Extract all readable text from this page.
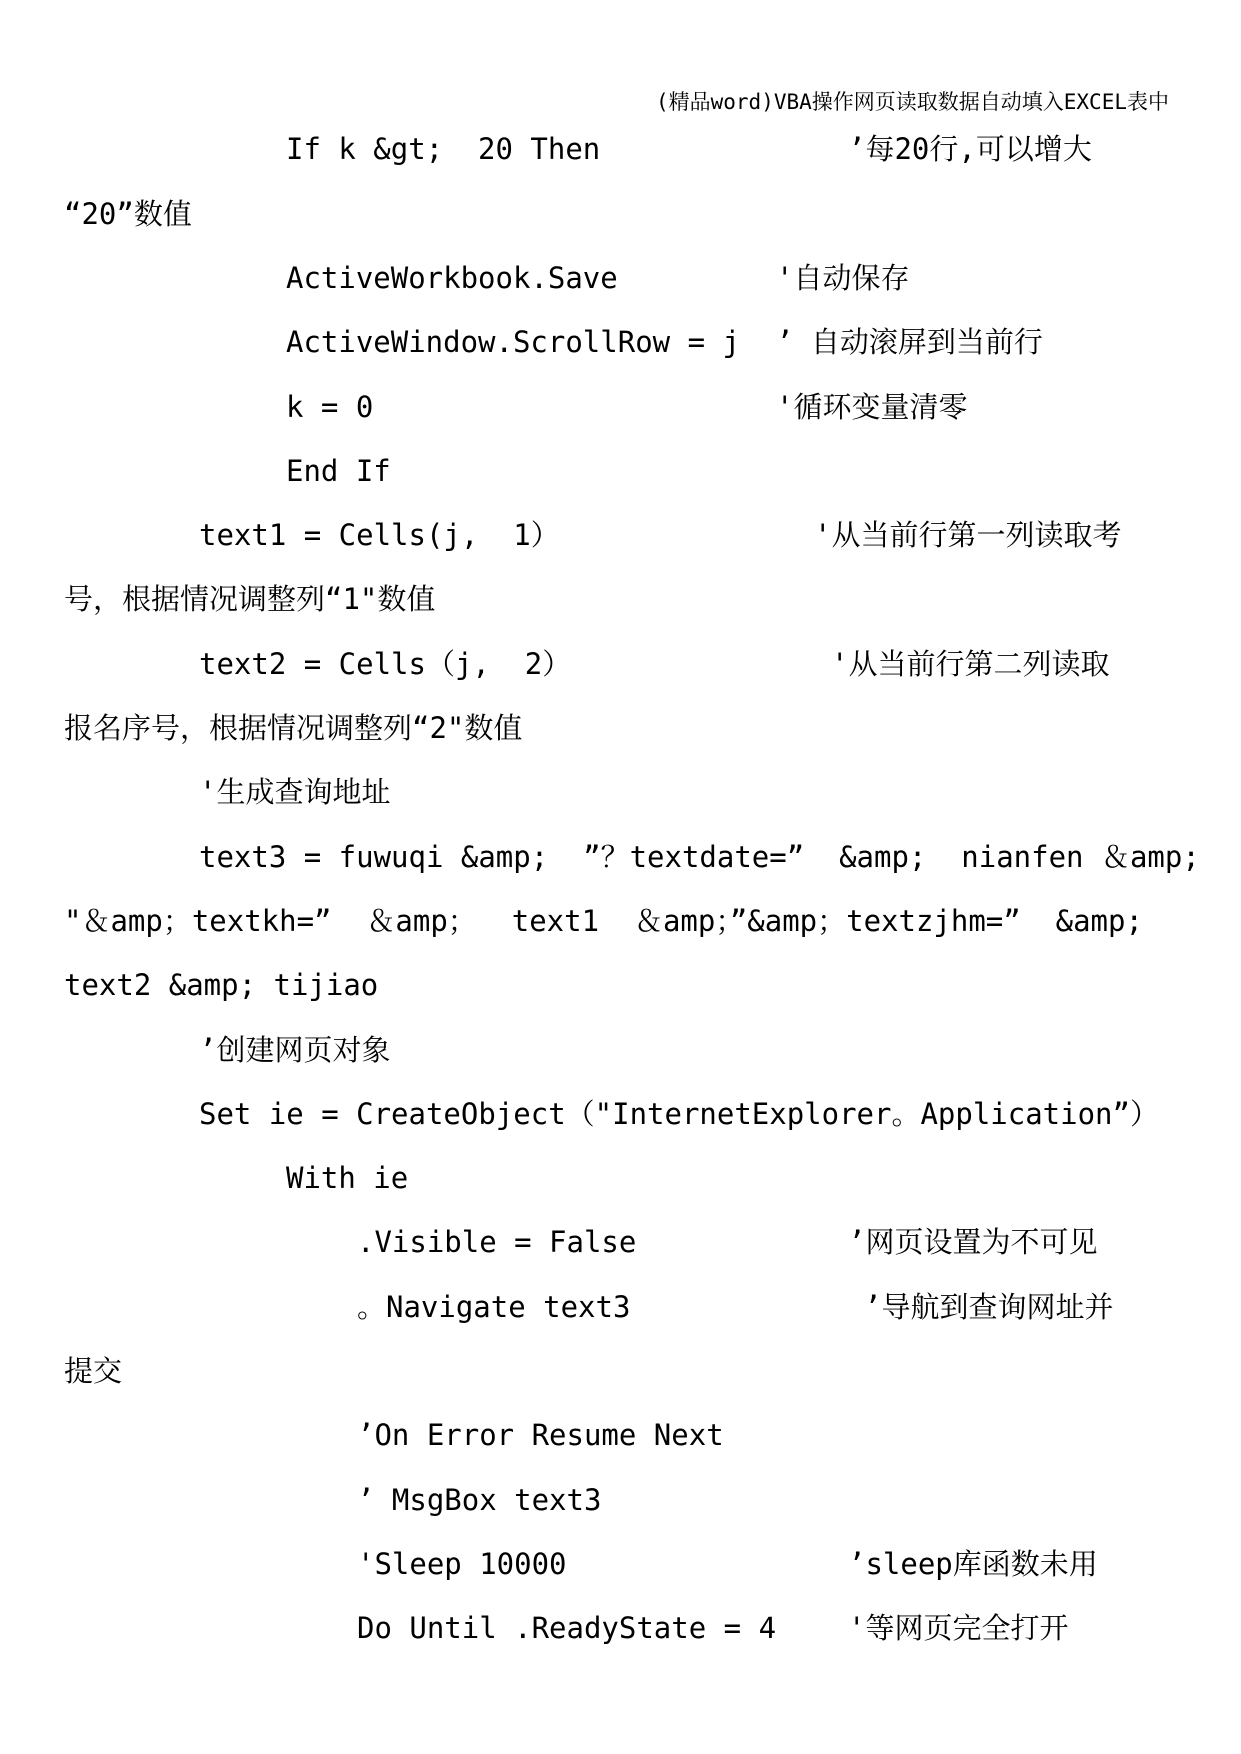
(精品word)VBA操作网页读取数据自动填入EXCEL表中
If k &gt;  20 Then	’每20行,可以增大
“20”数值
ActiveWorkbook.Save	'自动保存
ActiveWindow.ScrollRow = j ’ 自动滚屏到当前行
k = 0	'循环变量清零
End If
text1 = Cells(j,  1）	'从当前行第一列读取考
号，根据情况调整列“1"数值
text2 = Cells（j,  2）	'从当前行第二列读取
报名序号，根据情况调整列“2"数值
'生成查询地址
text3 = fuwuqi &amp;  ”？textdate=”  &amp;  nianfen ＆amp;
"＆amp；textkh=”  ＆amp；  text1  ＆amp；”&amp；textzjhm=”  &amp;
text2 &amp; tijiao
’创建网页对象
Set ie = CreateObject（"InternetExplorer。Application”）
With ie
.Visible = False	’网页设置为不可见
。Navigate text3	’导航到查询网址并
提交
’On Error Resume Next
’ MsgBox text3
'Sleep 10000	’sleep库函数未用
Do Until .ReadyState = 4 '等网页完全打开
